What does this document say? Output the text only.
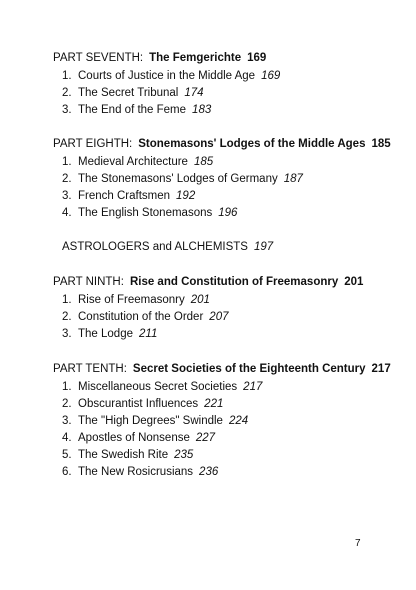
PART SEVENTH: The Femgerichte 169
1. Courts of Justice in the Middle Age 169
2. The Secret Tribunal 174
3. The End of the Feme 183
PART EIGHTH: Stonemasons' Lodges of the Middle Ages 185
1. Medieval Architecture 185
2. The Stonemasons' Lodges of Germany 187
3. French Craftsmen 192
4. The English Stonemasons 196
ASTROLOGERS and ALCHEMISTS 197
PART NINTH: Rise and Constitution of Freemasonry 201
1. Rise of Freemasonry 201
2. Constitution of the Order 207
3. The Lodge 211
PART TENTH: Secret Societies of the Eighteenth Century 217
1. Miscellaneous Secret Societies 217
2. Obscurantist Influences 221
3. The "High Degrees" Swindle 224
4. Apostles of Nonsense 227
5. The Swedish Rite 235
6. The New Rosicrusians 236
7
